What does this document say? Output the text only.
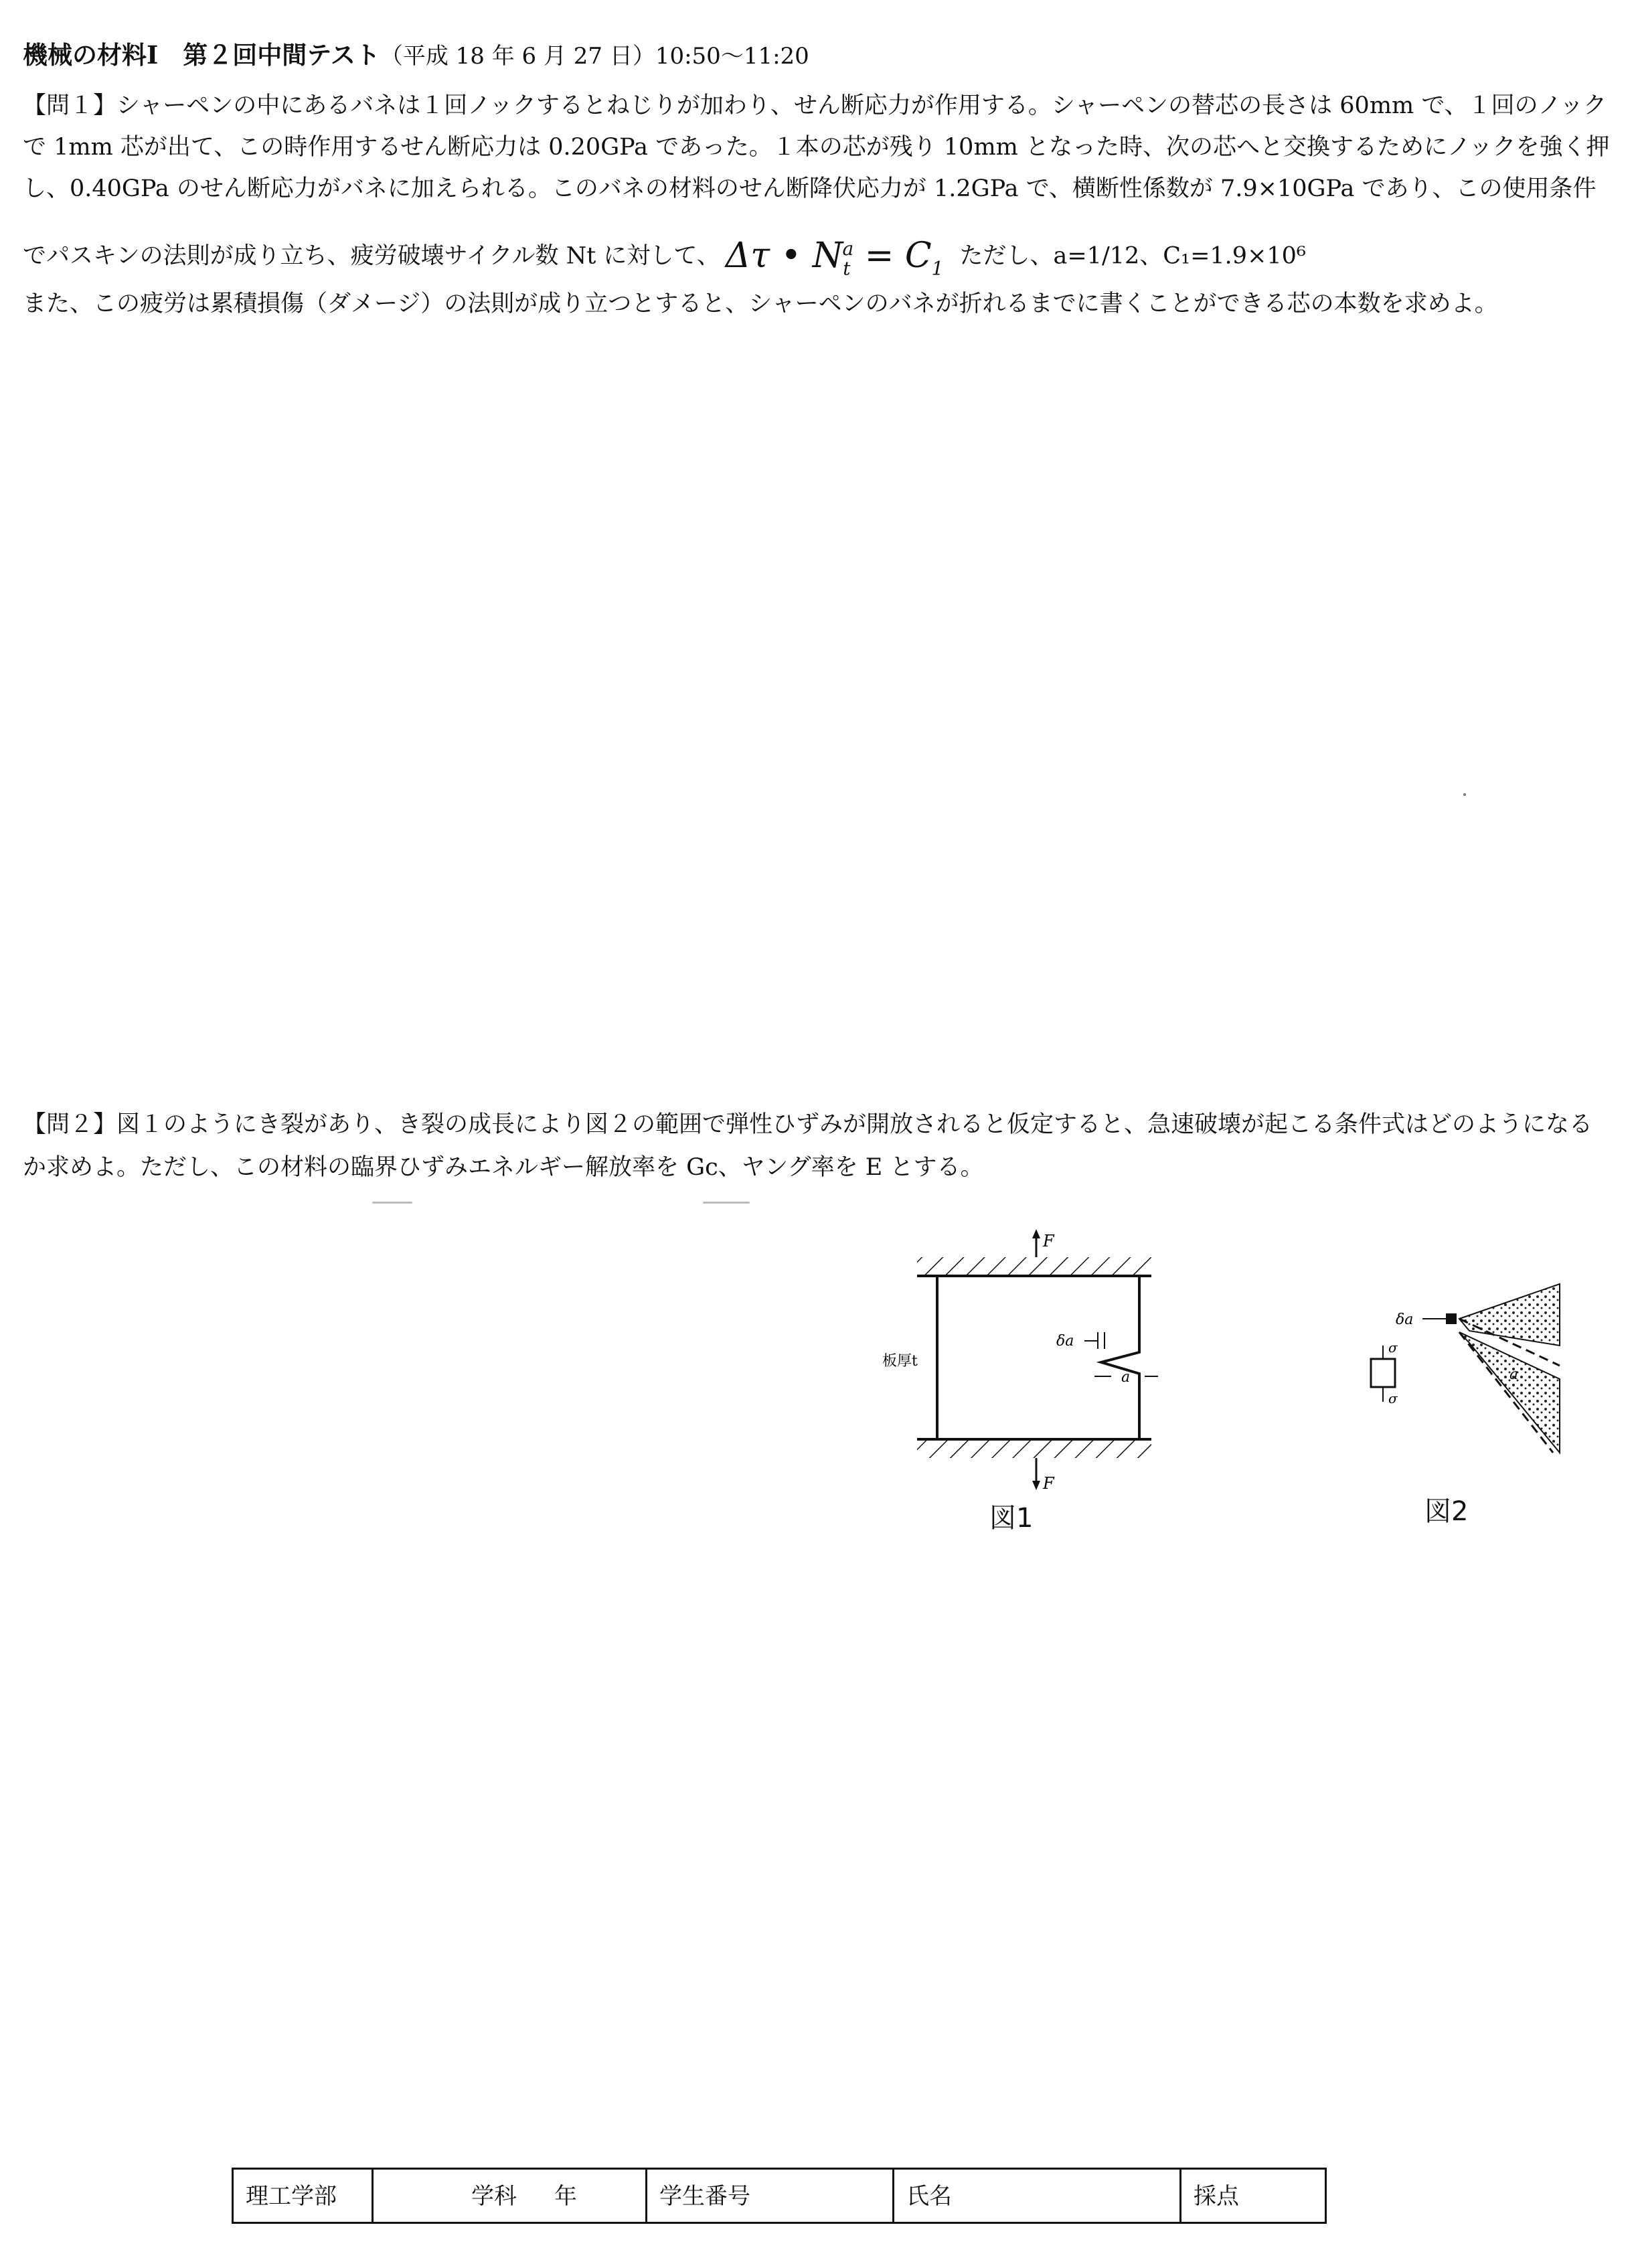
機械の材料Ⅰ　第２回中間テスト（平成 18 年 6 月 27 日）10:50～11:20
【問１】シャーペンの中にあるバネは１回ノックするとねじりが加わり、せん断応力が作用する。シャーペンの替芯の長さは 60mm で、１回のノック
で 1mm 芯が出て、この時作用するせん断応力は 0.20GPa であった。１本の芯が残り 10mm となった時、次の芯へと交換するためにノックを強く押
し、0.40GPa のせん断応力がバネに加えられる。このバネの材料のせん断降伏応力が 1.2GPa で、横断性係数が 7.9×10GPa であり、この使用条件
でパスキンの法則が成り立ち、疲労破壊サイクル数 Nt に対して、 Δτ • $N_t^a = C_1$ ただし、a=1/12、C₁=1.9×10⁶
また、この疲労は累積損傷（ダメージ）の法則が成り立つとすると、シャーペンのバネが折れるまでに書くことができる芯の本数を求めよ。
【問２】図１のようにき裂があり、き裂の成長により図２の範囲で弾性ひずみが開放されると仮定すると、急速破壊が起こる条件式はどのようになる
か求めよ。ただし、この材料の臨界ひずみエネルギー解放率を Gc、ヤング率を E とする。
F
F
板厚t
δa
a
図1
δa
a
σ
σ
図2
理工学部	学科 年	学生番号	氏名	採点
